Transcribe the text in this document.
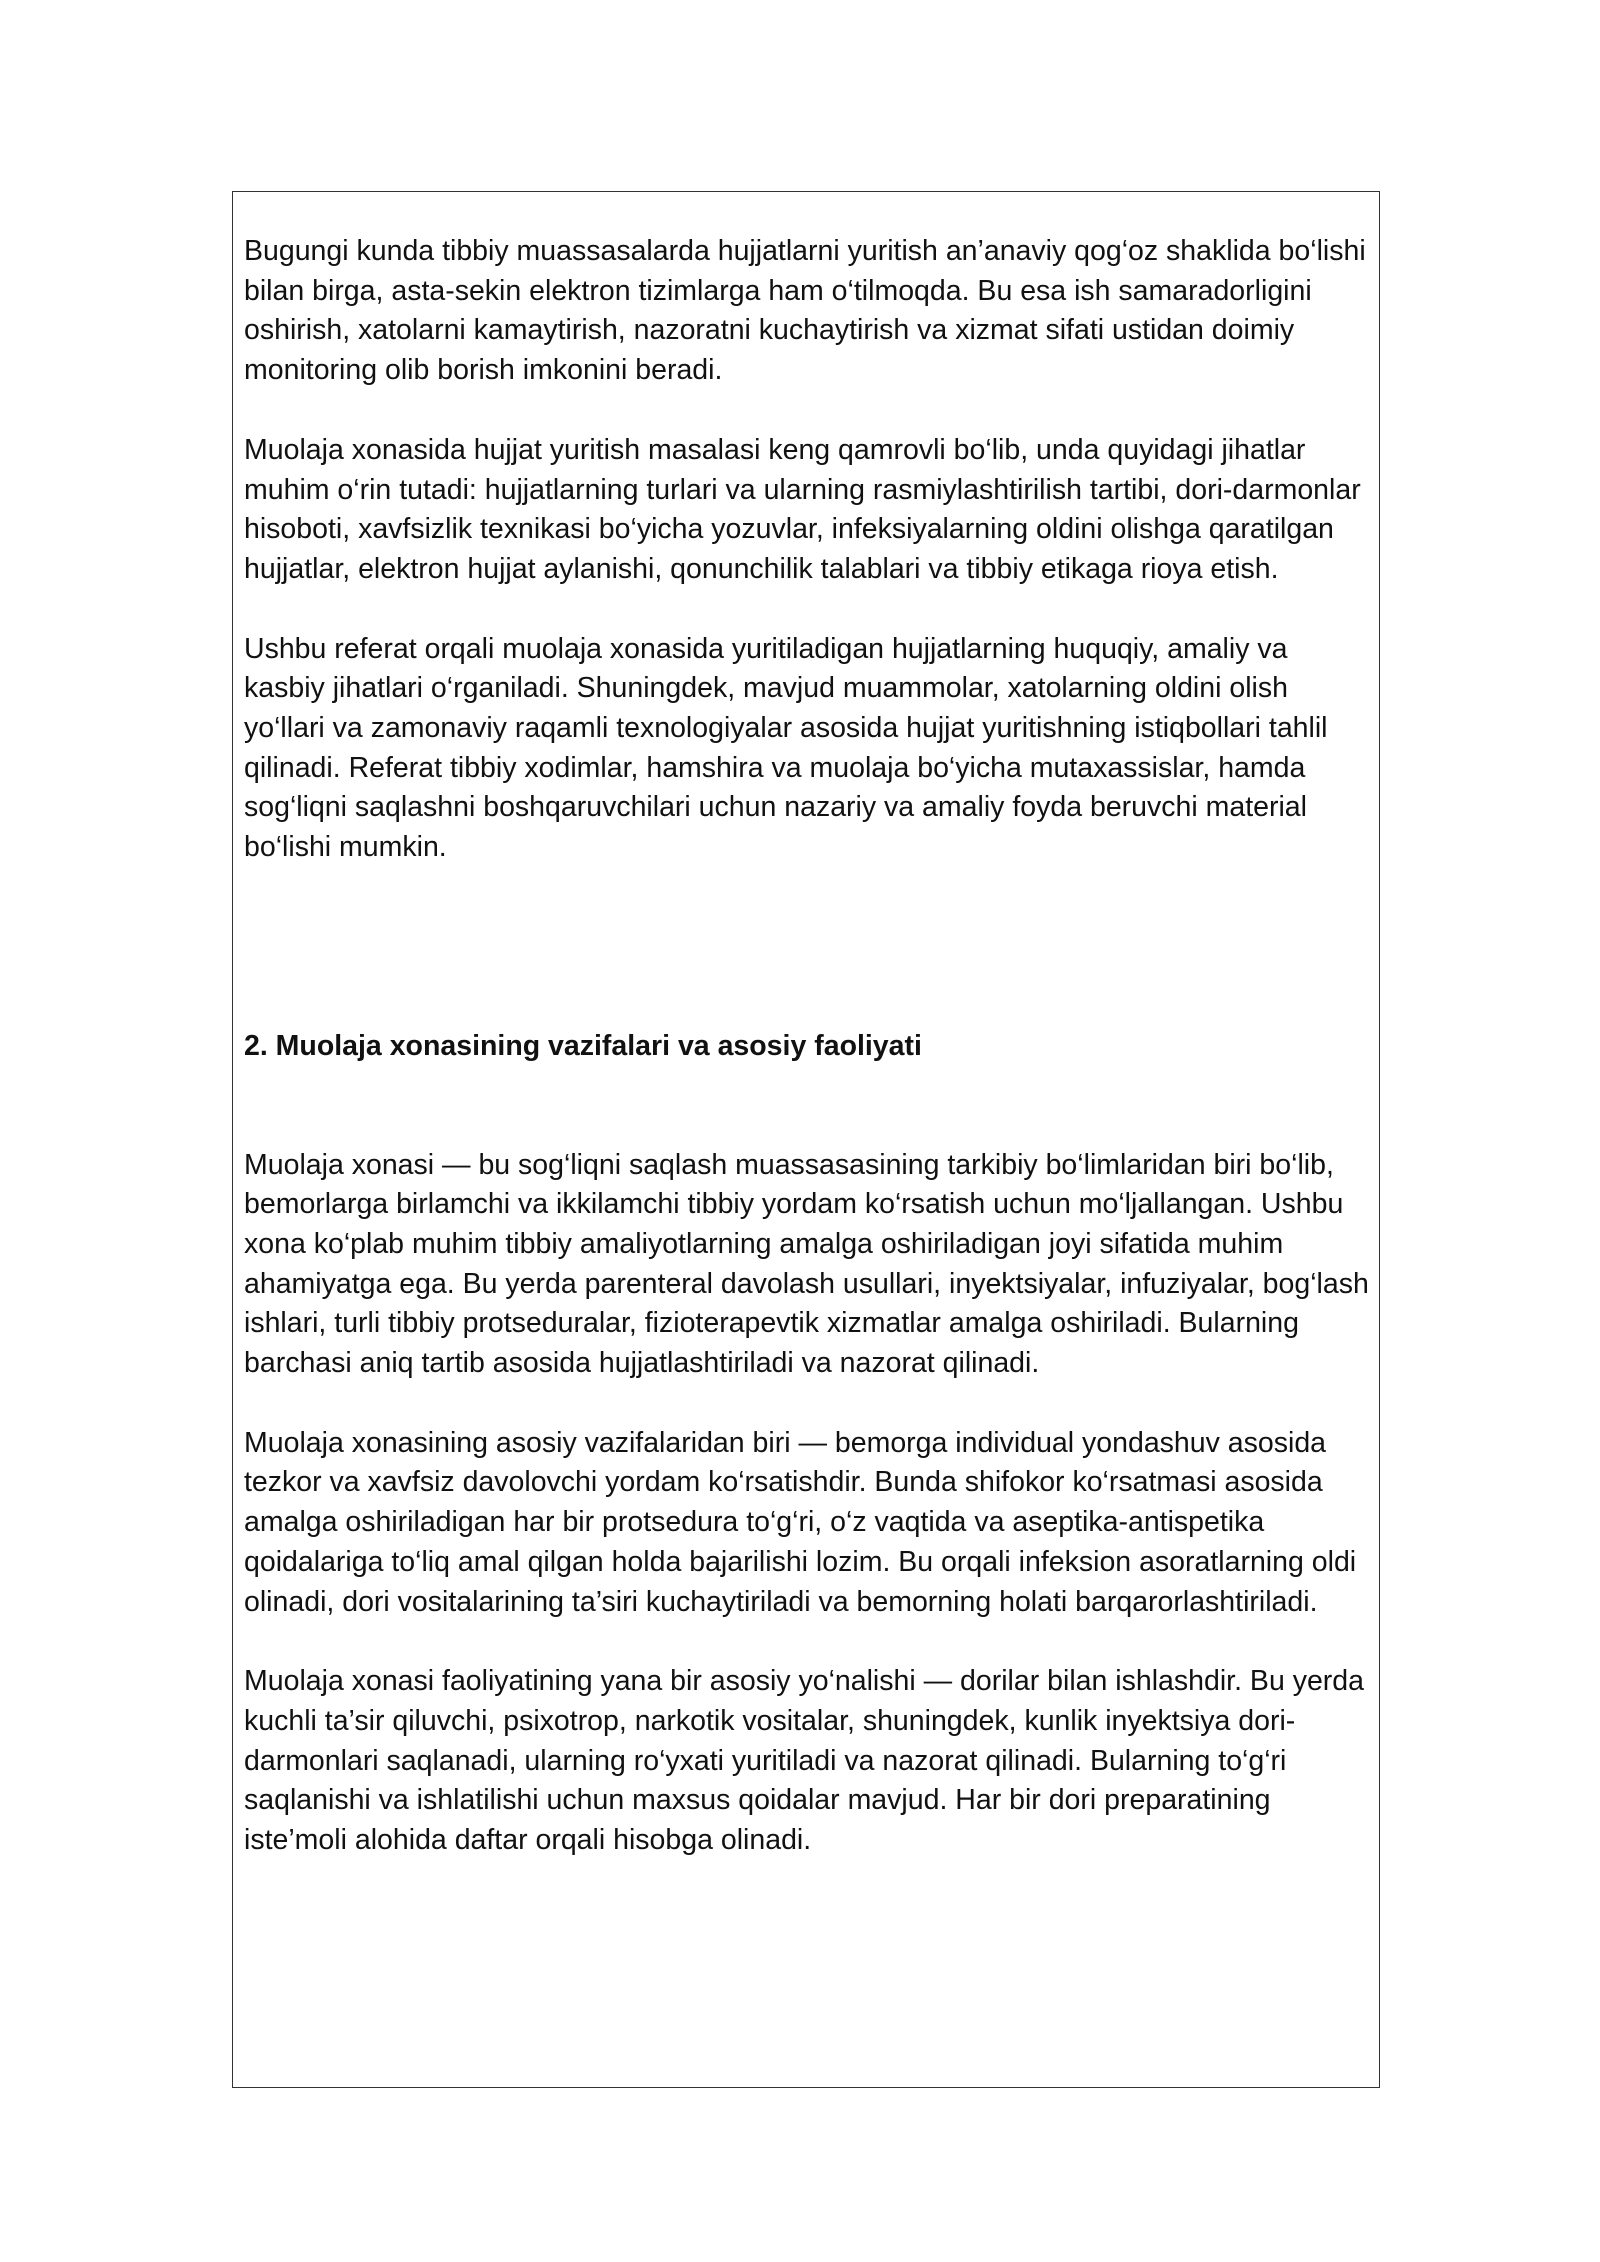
Bugungi kunda tibbiy muassasalarda hujjatlarni yuritish an’anaviy qog‘oz shaklida bo‘lishi bilan birga, asta-sekin elektron tizimlarga ham o‘tilmoqda. Bu esa ish samaradorligini oshirish, xatolarni kamaytirish, nazoratni kuchaytirish va xizmat sifati ustidan doimiy monitoring olib borish imkonini beradi.

Muolaja xonasida hujjat yuritish masalasi keng qamrovli bo‘lib, unda quyidagi jihatlar muhim o‘rin tutadi: hujjatlarning turlari va ularning rasmiylashtirilish tartibi, dori-darmonlar hisoboti, xavfsizlik texnikasi bo‘yicha yozuvlar, infeksiyalarning oldini olishga qaratilgan hujjatlar, elektron hujjat aylanishi, qonunchilik talablari va tibbiy etikaga rioya etish.

Ushbu referat orqali muolaja xonasida yuritiladigan hujjatlarning huquqiy, amaliy va kasbiy jihatlari o‘rganiladi. Shuningdek, mavjud muammolar, xatolarning oldini olish yo‘llari va zamonaviy raqamli texnologiyalar asosida hujjat yuritishning istiqbollari tahlil qilinadi. Referat tibbiy xodimlar, hamshira va muolaja bo‘yicha mutaxassislar, hamda sog‘liqni saqlashni boshqaruvchilari uchun nazariy va amaliy foyda beruvchi material bo‘lishi mumkin.

2. Muolaja xonasining vazifalari va asosiy faoliyati

Muolaja xonasi — bu sog‘liqni saqlash muassasasining tarkibiy bo‘limlaridan biri bo‘lib, bemorlarga birlamchi va ikkilamchi tibbiy yordam ko‘rsatish uchun mo‘ljallangan. Ushbu xona ko‘plab muhim tibbiy amaliyotlarning amalga oshiriladigan joyi sifatida muhim ahamiyatga ega. Bu yerda parenteral davolash usullari, inyektsiyalar, infuziyalar, bog‘lash ishlari, turli tibbiy protseduralar, fizioterapevtik xizmatlar amalga oshiriladi. Bularning barchasi aniq tartib asosida hujjatlashtiriladi va nazorat qilinadi.

Muolaja xonasining asosiy vazifalaridan biri — bemorga individual yondashuv asosida tezkor va xavfsiz davolovchi yordam ko‘rsatishdir. Bunda shifokor ko‘rsatmasi asosida amalga oshiriladigan har bir protsedura to‘g‘ri, o‘z vaqtida va aseptika-antispetika qoidalariga to‘liq amal qilgan holda bajarilishi lozim. Bu orqali infeksion asoratlarning oldi olinadi, dori vositalarining ta’siri kuchaytiriladi va bemorning holati barqarorlashtiriladi.

Muolaja xonasi faoliyatining yana bir asosiy yo‘nalishi — dorilar bilan ishlashdir. Bu yerda kuchli ta’sir qiluvchi, psixotrop, narkotik vositalar, shuningdek, kunlik inyektsiya dori-darmonlari saqlanadi, ularning ro‘yxati yuritiladi va nazorat qilinadi. Bularning to‘g‘ri saqlanishi va ishlatilishi uchun maxsus qoidalar mavjud. Har bir dori preparatining iste’moli alohida daftar orqali hisobga olinadi.
